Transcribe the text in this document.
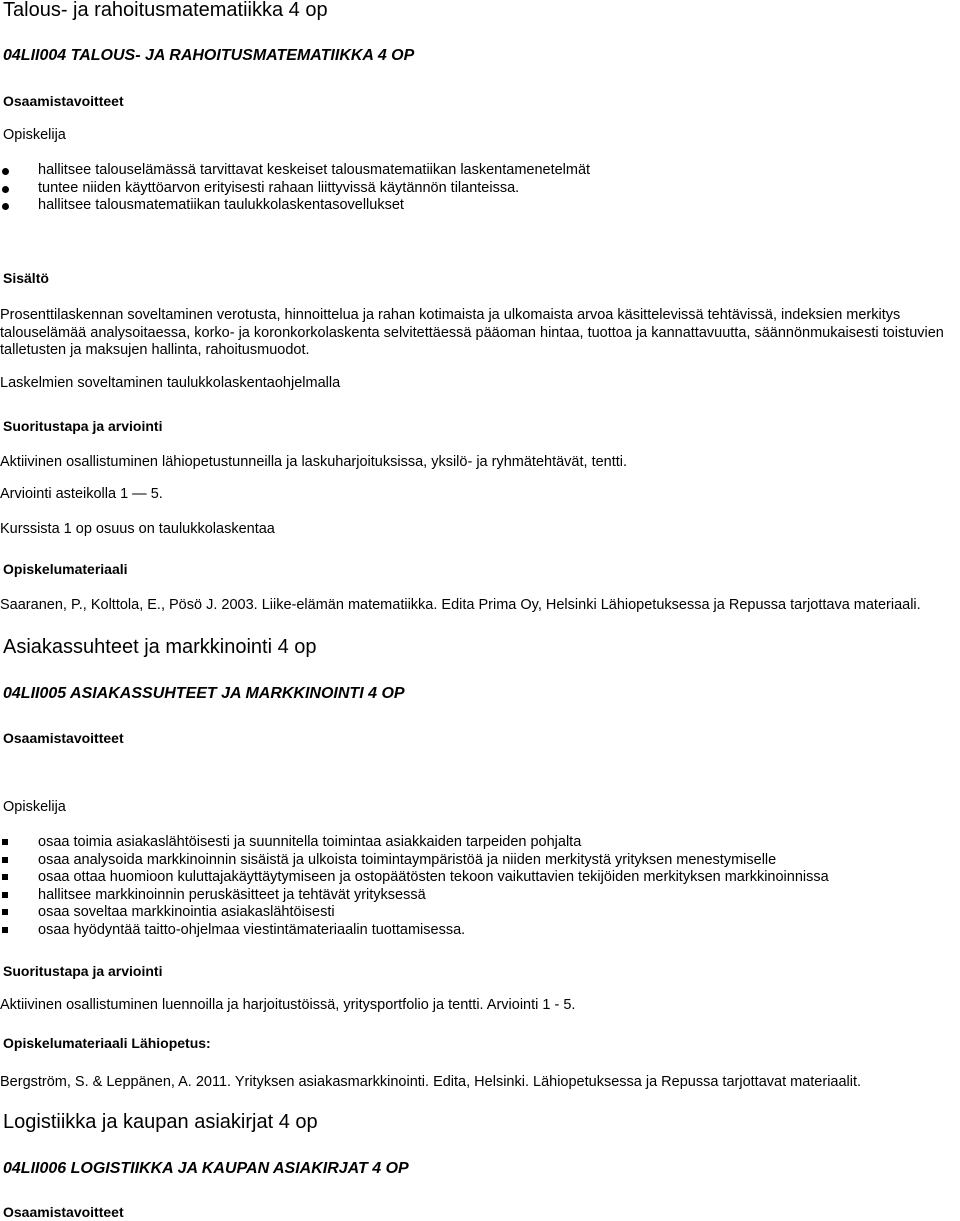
Talous- ja rahoitusmatematiikka 4 op
04LII004 TALOUS- JA RAHOITUSMATEMATIIKKA 4 OP
Osaamistavoitteet
Opiskelija
hallitsee talouselämässä tarvittavat keskeiset talousmatematiikan laskentamenetelmät
tuntee niiden käyttöarvon erityisesti rahaan liittyvissä käytännön tilanteissa.
hallitsee talousmatematiikan taulukkolaskentasovellukset
Sisältö
Prosenttilaskennan soveltaminen verotusta, hinnoittelua ja rahan kotimaista ja ulkomaista arvoa käsittelevissä tehtävissä, indeksien merkitys talouselämää analysoitaessa, korko- ja koronkorkolaskenta selvitettäessä pääoman hintaa, tuottoa ja kannattavuutta, säännönmukaisesti toistuvien talletusten ja maksujen hallinta, rahoitusmuodot.
Laskelmien soveltaminen taulukkolaskentaohjelmalla
Suoritustapa ja arviointi
Aktiivinen osallistuminen lähiopetustunneilla ja laskuharjoituksissa, yksilö- ja ryhmätehtävät, tentti.
Arviointi asteikolla 1 — 5.
Kurssista 1 op osuus on taulukkolaskentaa
Opiskelumateriaali
Saaranen, P., Kolttola, E., Pösö J. 2003. Liike-elämän matematiikka. Edita Prima Oy, Helsinki Lähiopetuksessa ja Repussa tarjottava materiaali.
Asiakassuhteet ja markkinointi 4 op
04LII005 ASIAKASSUHTEET JA MARKKINOINTI 4 OP
Osaamistavoitteet
Opiskelija
osaa toimia asiakaslähtöisesti ja suunnitella toimintaa asiakkaiden tarpeiden pohjalta
osaa analysoida markkinoinnin sisäistä ja ulkoista toimintaympäristöä ja niiden merkitystä yrityksen menestymiselle
osaa ottaa huomioon kuluttajakäyttäytymiseen ja ostopäätösten tekoon vaikuttavien tekijöiden merkityksen markkinoinnissa
hallitsee markkinoinnin peruskäsitteet ja tehtävät yrityksessä
osaa soveltaa markkinointia asiakaslähtöisesti
osaa hyödyntää taitto-ohjelmaa viestintämateriaalin tuottamisessa.
Suoritustapa ja arviointi
Aktiivinen osallistuminen luennoilla ja harjoitustöissä, yritysportfolio ja tentti. Arviointi 1 - 5.
Opiskelumateriaali Lähiopetus:
Bergström, S. & Leppänen, A. 2011. Yrityksen asiakasmarkkinointi. Edita, Helsinki. Lähiopetuksessa ja Repussa tarjottavat materiaalit.
Logistiikka ja kaupan asiakirjat 4 op
04LII006 LOGISTIIKKA JA KAUPAN ASIAKIRJAT 4 OP
Osaamistavoitteet
